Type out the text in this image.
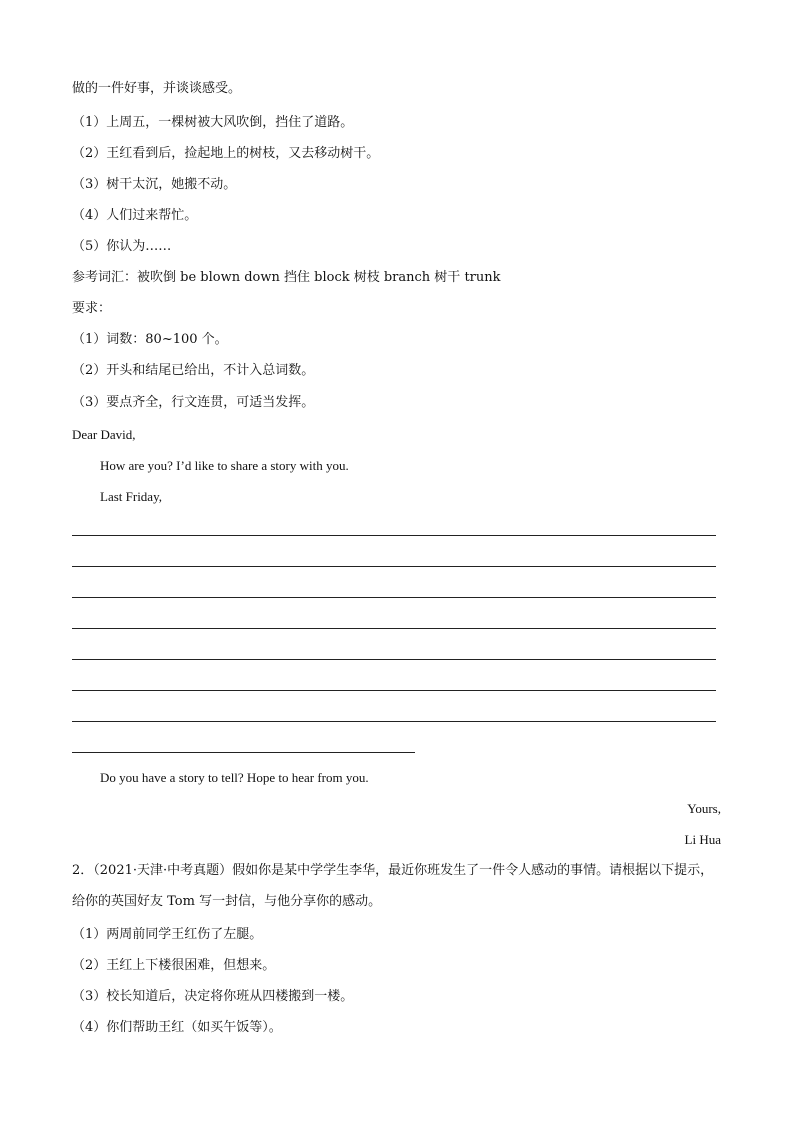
做的一件好事，并谈谈感受。
（1）上周五，一棵树被大风吹倒，挡住了道路。
（2）王红看到后，捡起地上的树枝，又去移动树干。
（3）树干太沉，她搬不动。
（4）人们过来帮忙。
（5）你认为……
参考词汇：被吹倒 be blown down 挡住 block 树枝 branch 树干 trunk
要求：
（1）词数：80~100 个。
（2）开头和结尾已给出，不计入总词数。
（3）要点齐全，行文连贯，可适当发挥。
Dear David,
How are you? I’d like to share a story with you.
Last Friday,
Do you have a story to tell? Hope to hear from you.
Yours,
Li Hua
2．（2021·天津·中考真题）假如你是某中学学生李华，最近你班发生了一件令人感动的事情。请根据以下提示，给你的英国好友 Tom 写一封信，与他分享你的感动。
（1）两周前同学王红伤了左腿。
（2）王红上下楼很困难，但想来。
（3）校长知道后，决定将你班从四楼搬到一楼。
（4）你们帮助王红（如买午饭等）。
